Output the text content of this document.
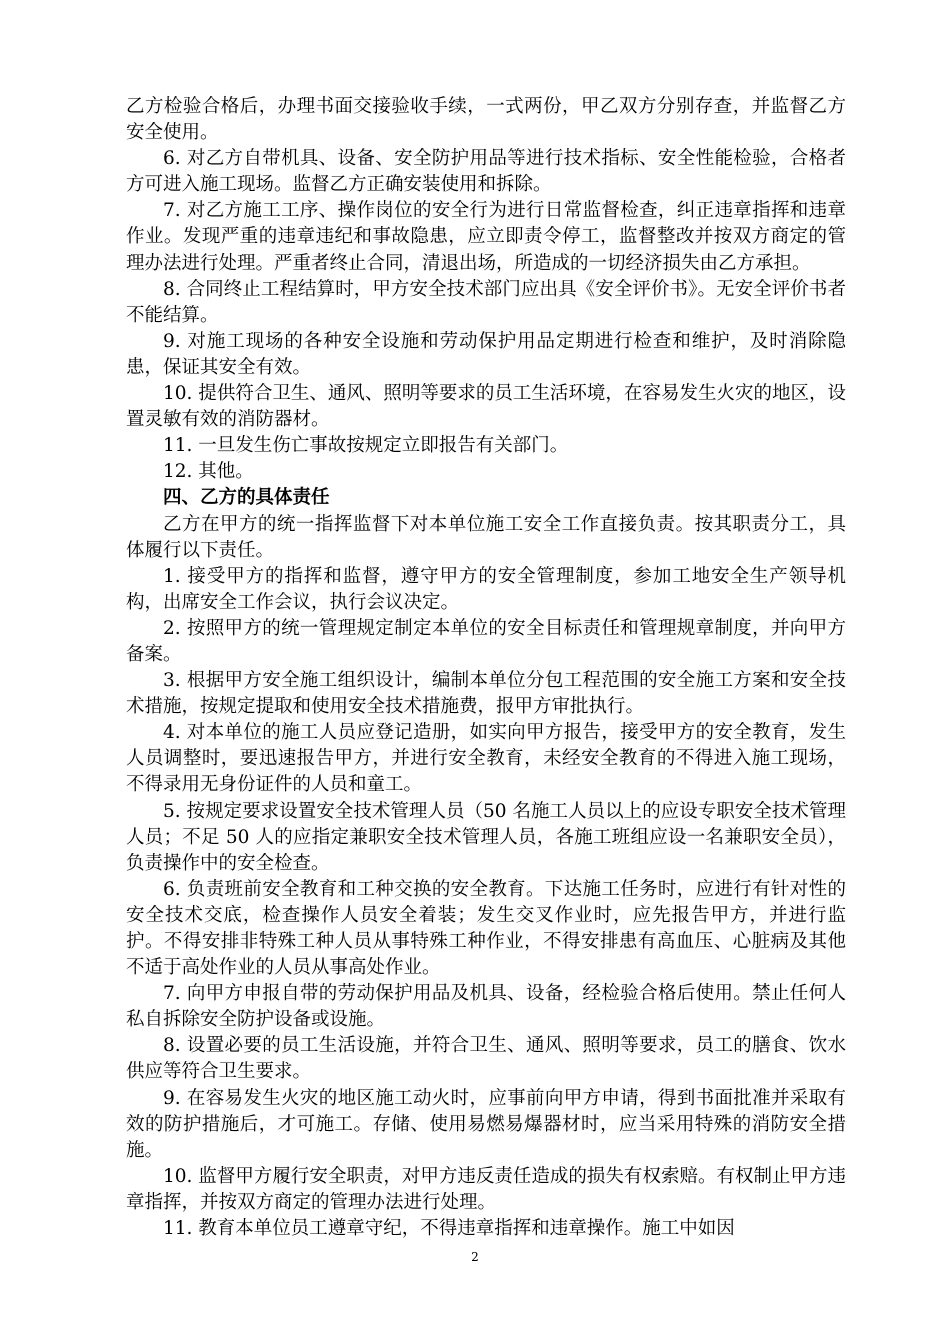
乙方检验合格后，办理书面交接验收手续，一式两份，甲乙双方分别存查，并监督乙方安全使用。

6. 对乙方自带机具、设备、安全防护用品等进行技术指标、安全性能检验，合格者方可进入施工现场。监督乙方正确安装使用和拆除。

7. 对乙方施工工序、操作岗位的安全行为进行日常监督检查，纠正违章指挥和违章作业。发现严重的违章违纪和事故隐患，应立即责令停工，监督整改并按双方商定的管理办法进行处理。严重者终止合同，清退出场，所造成的一切经济损失由乙方承担。

8. 合同终止工程结算时，甲方安全技术部门应出具《安全评价书》。无安全评价书者不能结算。

9. 对施工现场的各种安全设施和劳动保护用品定期进行检查和维护，及时消除隐患，保证其安全有效。

10. 提供符合卫生、通风、照明等要求的员工生活环境，在容易发生火灾的地区，设置灵敏有效的消防器材。

11. 一旦发生伤亡事故按规定立即报告有关部门。

12. 其他。

四、乙方的具体责任

乙方在甲方的统一指挥监督下对本单位施工安全工作直接负责。按其职责分工，具体履行以下责任。

1. 接受甲方的指挥和监督，遵守甲方的安全管理制度，参加工地安全生产领导机构，出席安全工作会议，执行会议决定。

2. 按照甲方的统一管理规定制定本单位的安全目标责任和管理规章制度，并向甲方备案。

3. 根据甲方安全施工组织设计，编制本单位分包工程范围的安全施工方案和安全技术措施，按规定提取和使用安全技术措施费，报甲方审批执行。

4. 对本单位的施工人员应登记造册，如实向甲方报告，接受甲方的安全教育，发生人员调整时，要迅速报告甲方，并进行安全教育，未经安全教育的不得进入施工现场，不得录用无身份证件的人员和童工。

5. 按规定要求设置安全技术管理人员（50 名施工人员以上的应设专职安全技术管理人员；不足 50 人的应指定兼职安全技术管理人员，各施工班组应设一名兼职安全员），负责操作中的安全检查。

6. 负责班前安全教育和工种交换的安全教育。下达施工任务时，应进行有针对性的安全技术交底，检查操作人员安全着装；发生交叉作业时，应先报告甲方，并进行监护。不得安排非特殊工种人员从事特殊工种作业，不得安排患有高血压、心脏病及其他不适于高处作业的人员从事高处作业。

7. 向甲方申报自带的劳动保护用品及机具、设备，经检验合格后使用。禁止任何人私自拆除安全防护设备或设施。

8. 设置必要的员工生活设施，并符合卫生、通风、照明等要求，员工的膳食、饮水供应等符合卫生要求。

9. 在容易发生火灾的地区施工动火时，应事前向甲方申请，得到书面批准并采取有效的防护措施后，才可施工。存储、使用易燃易爆器材时，应当采用特殊的消防安全措施。

10. 监督甲方履行安全职责，对甲方违反责任造成的损失有权索赔。有权制止甲方违章指挥，并按双方商定的管理办法进行处理。

11. 教育本单位员工遵章守纪，不得违章指挥和违章操作。施工中如因

2
